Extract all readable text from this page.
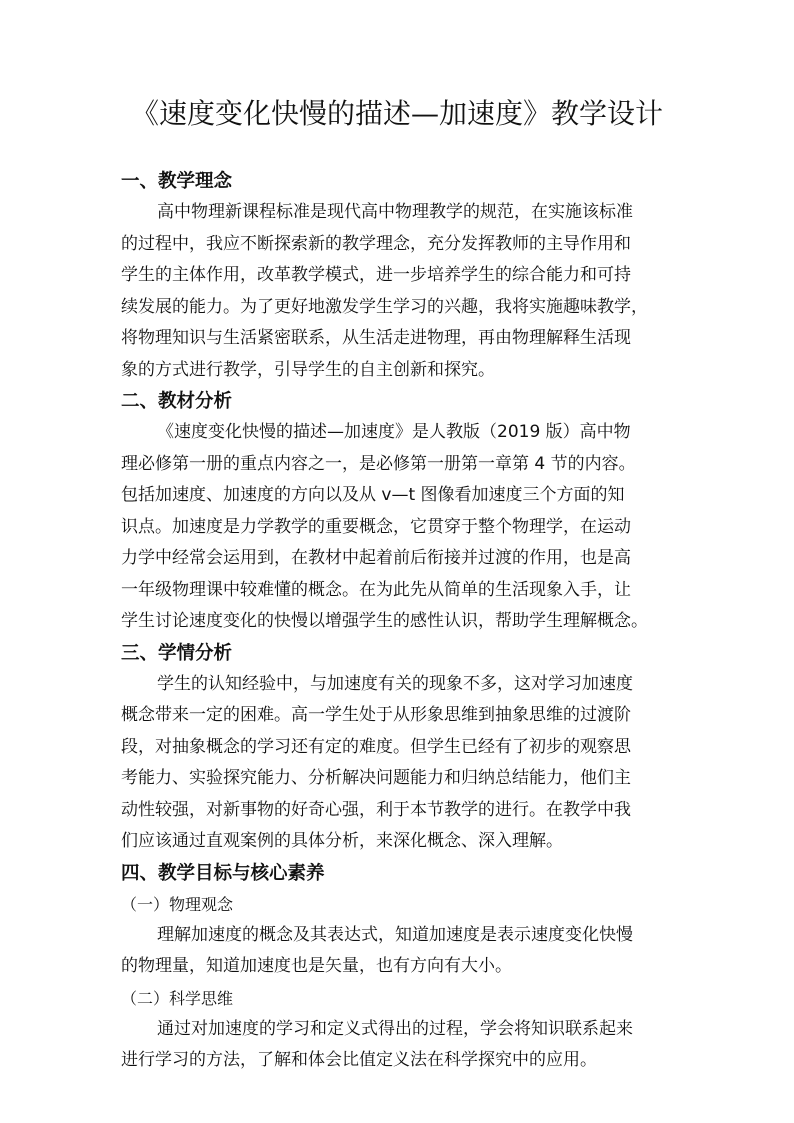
《速度变化快慢的描述—加速度》教学设计
一、教学理念
高中物理新课程标准是现代高中物理教学的规范，在实施该标准
的过程中，我应不断探索新的教学理念，充分发挥教师的主导作用和
学生的主体作用，改革教学模式，进一步培养学生的综合能力和可持
续发展的能力。为了更好地激发学生学习的兴趣，我将实施趣味教学，
将物理知识与生活紧密联系，从生活走进物理，再由物理解释生活现
象的方式进行教学，引导学生的自主创新和探究。
二、教材分析
《速度变化快慢的描述—加速度》是人教版（2019 版）高中物
理必修第一册的重点内容之一，是必修第一册第一章第 4 节的内容。
包括加速度、加速度的方向以及从 v—t 图像看加速度三个方面的知
识点。加速度是力学教学的重要概念，它贯穿于整个物理学，在运动
力学中经常会运用到，在教材中起着前后衔接并过渡的作用，也是高
一年级物理课中较难懂的概念。在为此先从简单的生活现象入手，让
学生讨论速度变化的快慢以增强学生的感性认识，帮助学生理解概念。
三、学情分析
学生的认知经验中，与加速度有关的现象不多，这对学习加速度
概念带来一定的困难。高一学生处于从形象思维到抽象思维的过渡阶
段，对抽象概念的学习还有定的难度。但学生已经有了初步的观察思
考能力、实验探究能力、分析解决问题能力和归纳总结能力，他们主
动性较强，对新事物的好奇心强，利于本节教学的进行。在教学中我
们应该通过直观案例的具体分析，来深化概念、深入理解。
四、教学目标与核心素养
（一）物理观念
理解加速度的概念及其表达式，知道加速度是表示速度变化快慢
的物理量，知道加速度也是矢量，也有方向有大小。
（二）科学思维
通过对加速度的学习和定义式得出的过程，学会将知识联系起来
进行学习的方法，了解和体会比值定义法在科学探究中的应用。
